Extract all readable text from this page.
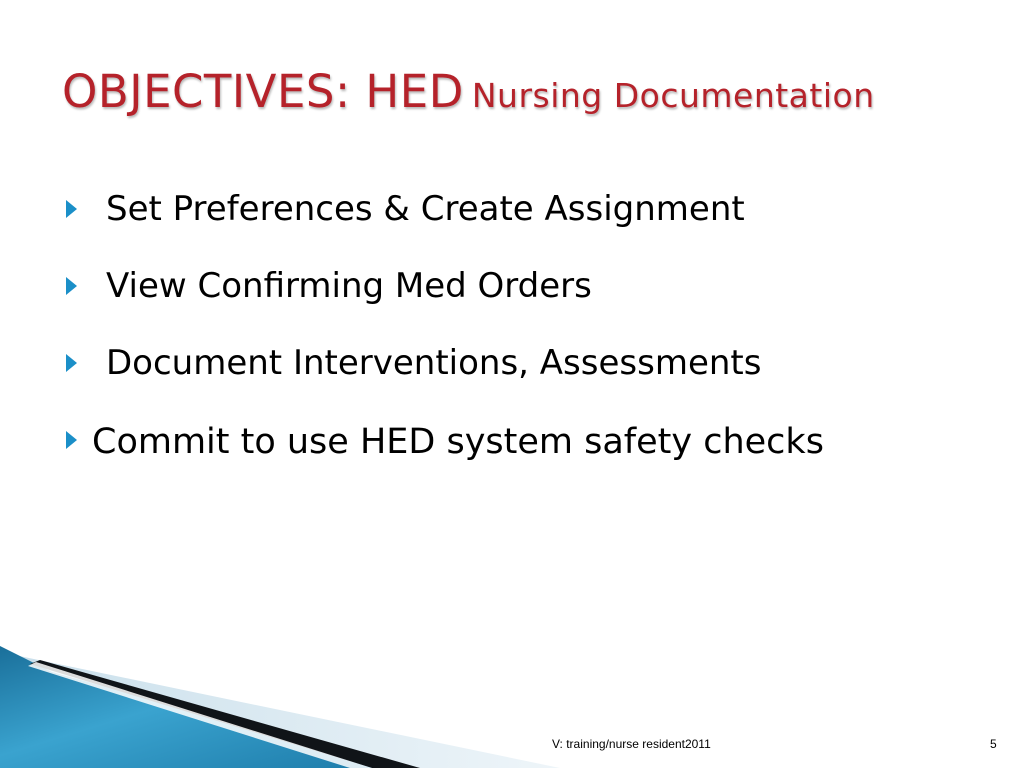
OBJECTIVES: HED Nursing Documentation
Set Preferences & Create Assignment
View Confirming Med Orders
Document Interventions, Assessments
Commit to use HED system safety checks
V: training/nurse resident2011	5
